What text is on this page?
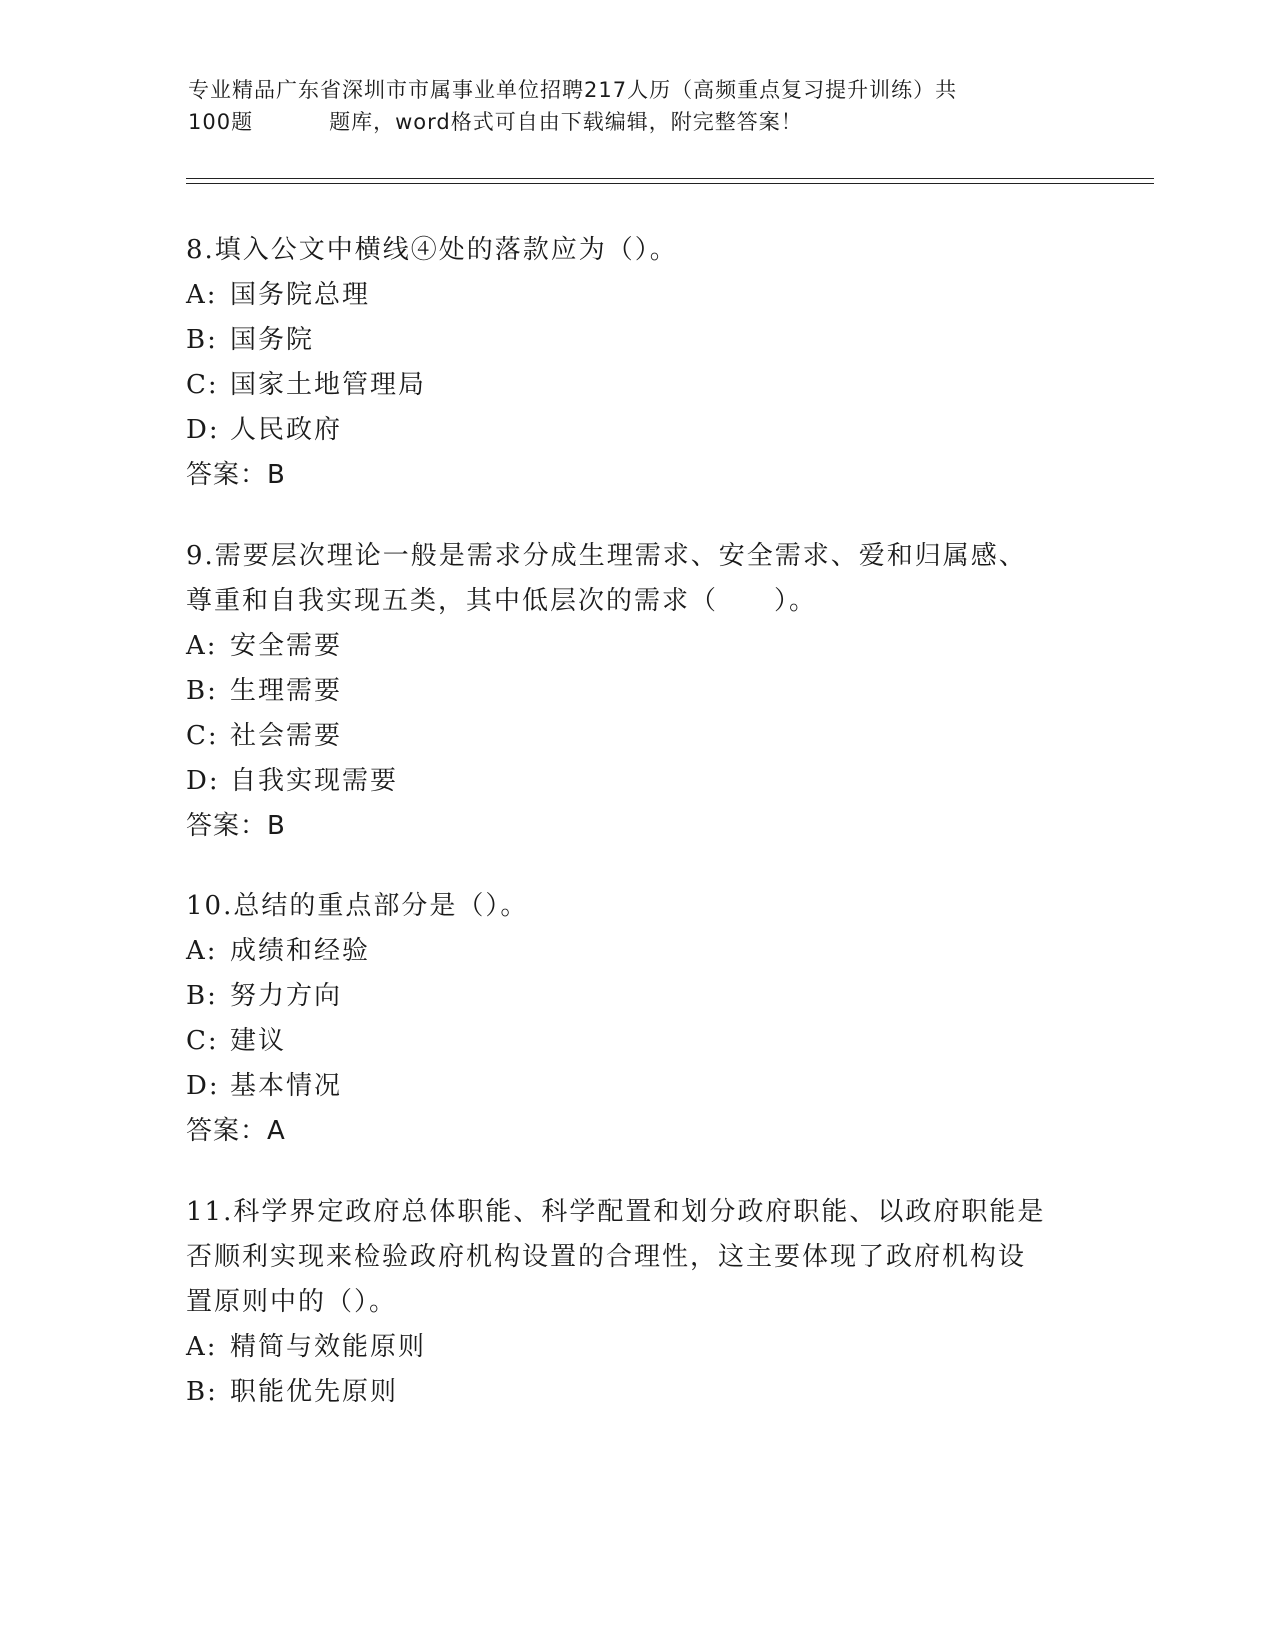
专业精品广东省深圳市市属事业单位招聘217人历（高频重点复习提升训练）共
100题	题库，word格式可自由下载编辑，附完整答案！
8.填入公文中横线④处的落款应为（）。
A: 国务院总理
B: 国务院
C: 国家土地管理局
D: 人民政府
答案：B
9.需要层次理论一般是需求分成生理需求、安全需求、爱和归属感、
尊重和自我实现五类，其中低层次的需求（　　）。
A: 安全需要
B: 生理需要
C: 社会需要
D: 自我实现需要
答案：B
10.总结的重点部分是（）。
A: 成绩和经验
B: 努力方向
C: 建议
D: 基本情况
答案：A
11.科学界定政府总体职能、科学配置和划分政府职能、以政府职能是
否顺利实现来检验政府机构设置的合理性，这主要体现了政府机构设
置原则中的（）。
A: 精简与效能原则
B: 职能优先原则
